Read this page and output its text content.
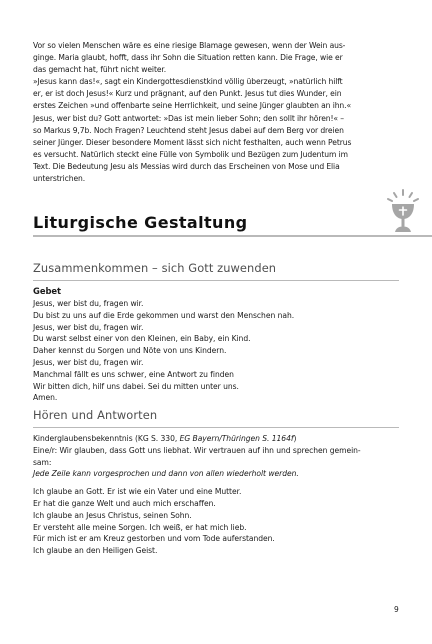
Vor so vielen Menschen wäre es eine riesige Blamage gewesen, wenn der Wein aus-

ginge. Maria glaubt, hofft, dass ihr Sohn die Situation retten kann. Die Frage, wie er

das gemacht hat, führt nicht weiter.

»Jesus kann das!«, sagt ein Kindergottesdienstkind völlig überzeugt, »natürlich hilft

er, er ist doch Jesus!« Kurz und prägnant, auf den Punkt. Jesus tut dies Wunder, ein

erstes Zeichen »und offenbarte seine Herrlichkeit, und seine Jünger glaubten an ihn.«

Jesus, wer bist du? Gott antwortet: »Das ist mein lieber Sohn; den sollt ihr hören!« –

so Markus 9,7b. Noch Fragen? Leuchtend steht Jesus dabei auf dem Berg vor dreien

seiner Jünger. Dieser besondere Moment lässt sich nicht festhalten, auch wenn Petrus

es versucht. Natürlich steckt eine Fülle von Symbolik und Bezügen zum Judentum im

Text. Die Bedeutung Jesu als Messias wird durch das Erscheinen von Mose und Elia

unterstrichen.

Liturgische Gestaltung
Zusammenkommen – sich Gott zuwenden
Gebet
Jesus, wer bist du, fragen wir.
Du bist zu uns auf die Erde gekommen und warst den Menschen nah.
Jesus, wer bist du, fragen wir.
Du warst selbst einer von den Kleinen, ein Baby, ein Kind.
Daher kennst du Sorgen und Nöte von uns Kindern.
Jesus, wer bist du, fragen wir.
Manchmal fällt es uns schwer, eine Antwort zu finden
Wir bitten dich, hilf uns dabei. Sei du mitten unter uns.
Amen.
Hören und Antworten
Kinderglaubensbekenntnis (KG S. 330, EG Bayern/Thüringen S. 1164f)
Eine/r: Wir glauben, dass Gott uns liebhat. Wir vertrauen auf ihn und sprechen gemein-
sam:
Jede Zeile kann vorgesprochen und dann von allen wiederholt werden.
Ich glaube an Gott. Er ist wie ein Vater und eine Mutter.
Er hat die ganze Welt und auch mich erschaffen.
Ich glaube an Jesus Christus, seinen Sohn.
Er versteht alle meine Sorgen. Ich weiß, er hat mich lieb.
Für mich ist er am Kreuz gestorben und vom Tode auferstanden.
Ich glaube an den Heiligen Geist.
9
